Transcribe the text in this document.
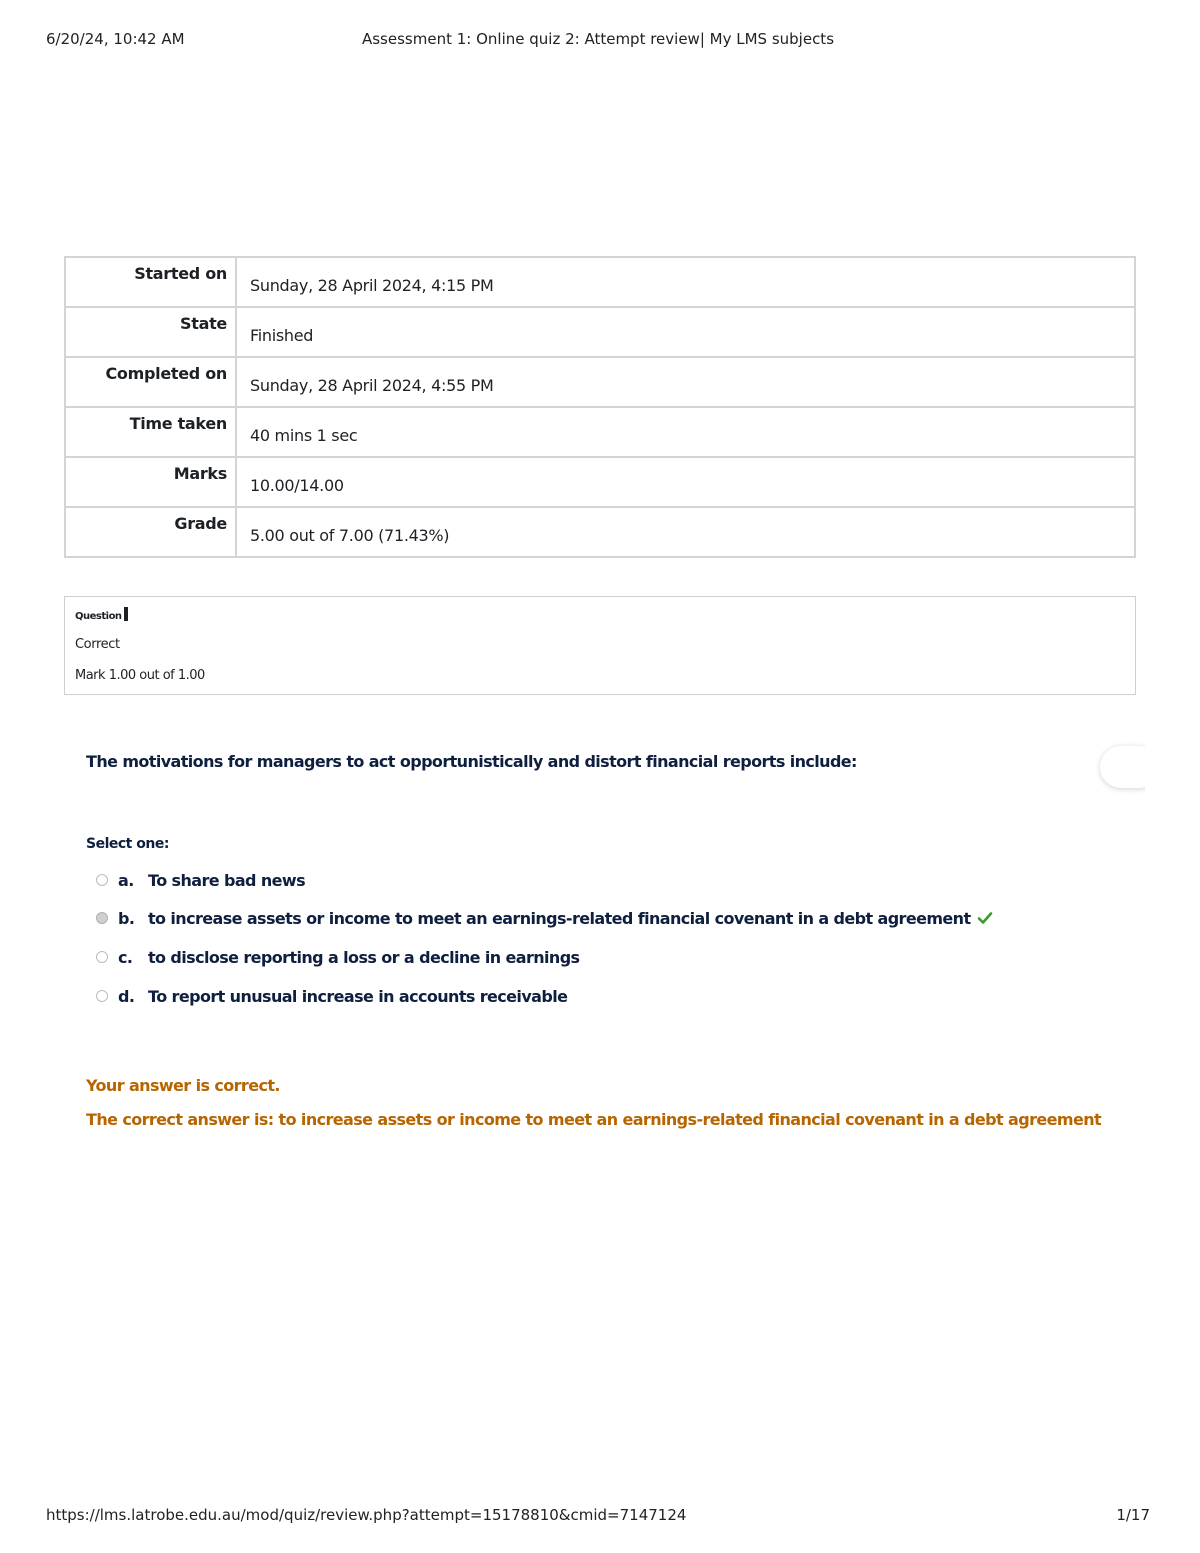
6/20/24, 10:42 AM	Assessment 1: Online quiz 2: Attempt review| My LMS subjects
Started on	Sunday, 28 April 2024, 4:15 PM
State	Finished
Completed on	Sunday, 28 April 2024, 4:55 PM
Time taken	40 mins 1 sec
Marks	10.00/14.00
Grade	5.00 out of 7.00 (71.43%)
Question
Correct
Mark 1.00 out of 1.00
The motivations for managers to act opportunistically and distort financial reports include:
Select one:
a. To share bad news
b. to increase assets or income to meet an earnings-related financial covenant in a debt agreement
c. to disclose reporting a loss or a decline in earnings
d. To report unusual increase in accounts receivable
Your answer is correct.
The correct answer is: to increase assets or income to meet an earnings-related financial covenant in a debt agreement
https://lms.latrobe.edu.au/mod/quiz/review.php?attempt=15178810&cmid=7147124	1/17
